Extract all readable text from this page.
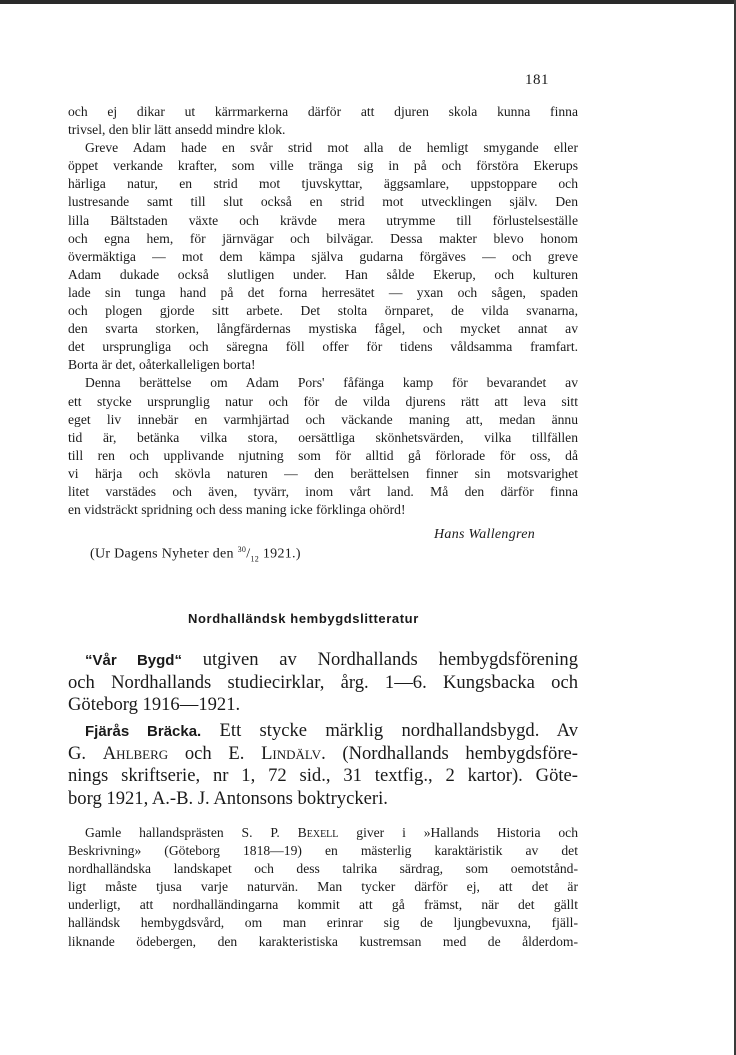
181
och ej dikar ut kärrmarkerna därför att djuren skola kunna finna
trivsel, den blir lätt ansedd mindre klok.
Greve Adam hade en svår strid mot alla de hemligt smygande eller
öppet verkande krafter, som ville tränga sig in på och förstöra Ekerups
härliga natur, en strid mot tjuvskyttar, äggsamlare, uppstoppare och
lustresande samt till slut också en strid mot utvecklingen själv. Den
lilla Bältstaden växte och krävde mera utrymme till förlustelseställe
och egna hem, för järnvägar och bilvägar. Dessa makter blevo honom
övermäktiga — mot dem kämpa själva gudarna förgäves — och greve
Adam dukade också slutligen under. Han sålde Ekerup, och kulturen
lade sin tunga hand på det forna herresätet — yxan och sågen, spaden
och plogen gjorde sitt arbete. Det stolta örnparet, de vilda svanarna,
den svarta storken, långfärdernas mystiska fågel, och mycket annat av
det ursprungliga och säregna föll offer för tidens våldsamma framfart.
Borta är det, oåterkalleligen borta!
Denna berättelse om Adam Pors' fåfänga kamp för bevarandet av
ett stycke ursprunglig natur och för de vilda djurens rätt att leva sitt
eget liv innebär en varmhjärtad och väckande maning att, medan ännu
tid är, betänka vilka stora, oersättliga skönhetsvärden, vilka tillfällen
till ren och upplivande njutning som för alltid gå förlorade för oss, då
vi härja och skövla naturen — den berättelsen finner sin motsvarighet
litet varstädes och även, tyvärr, inom vårt land. Må den därför finna
en vidsträckt spridning och dess maning icke förklinga ohörd!
Hans Wallengren
(Ur Dagens Nyheter den $^{30}/_{12}$ 1921.)
Nordhalländsk hembygdslitteratur
“Vår Bygd“ utgiven av Nordhallands hembygdsförening
och Nordhallands studiecirklar, årg. 1—6. Kungsbacka och
Göteborg 1916—1921.
Fjärås Bräcka. Ett stycke märklig nordhallandsbygd. Av
G. Ahlberg och E. Lindälv. (Nordhallands hembygdsföre-
nings skriftserie, nr 1, 72 sid., 31 textfig., 2 kartor). Göte-
borg 1921, A.-B. J. Antonsons boktryckeri.
Gamle hallandsprästen S. P. Bexell giver i »Hallands Historia och
Beskrivning» (Göteborg 1818—19) en mästerlig karaktäristik av det
nordhalländska landskapet och dess talrika särdrag, som oemotstånd-
ligt måste tjusa varje naturvän. Man tycker därför ej, att det är
underligt, att nordhalländingarna kommit att gå främst, när det gällt
halländsk hembygdsvård, om man erinrar sig de ljungbevuxna, fjäll-
liknande ödebergen, den karakteristiska kustremsan med de ålderdom-
